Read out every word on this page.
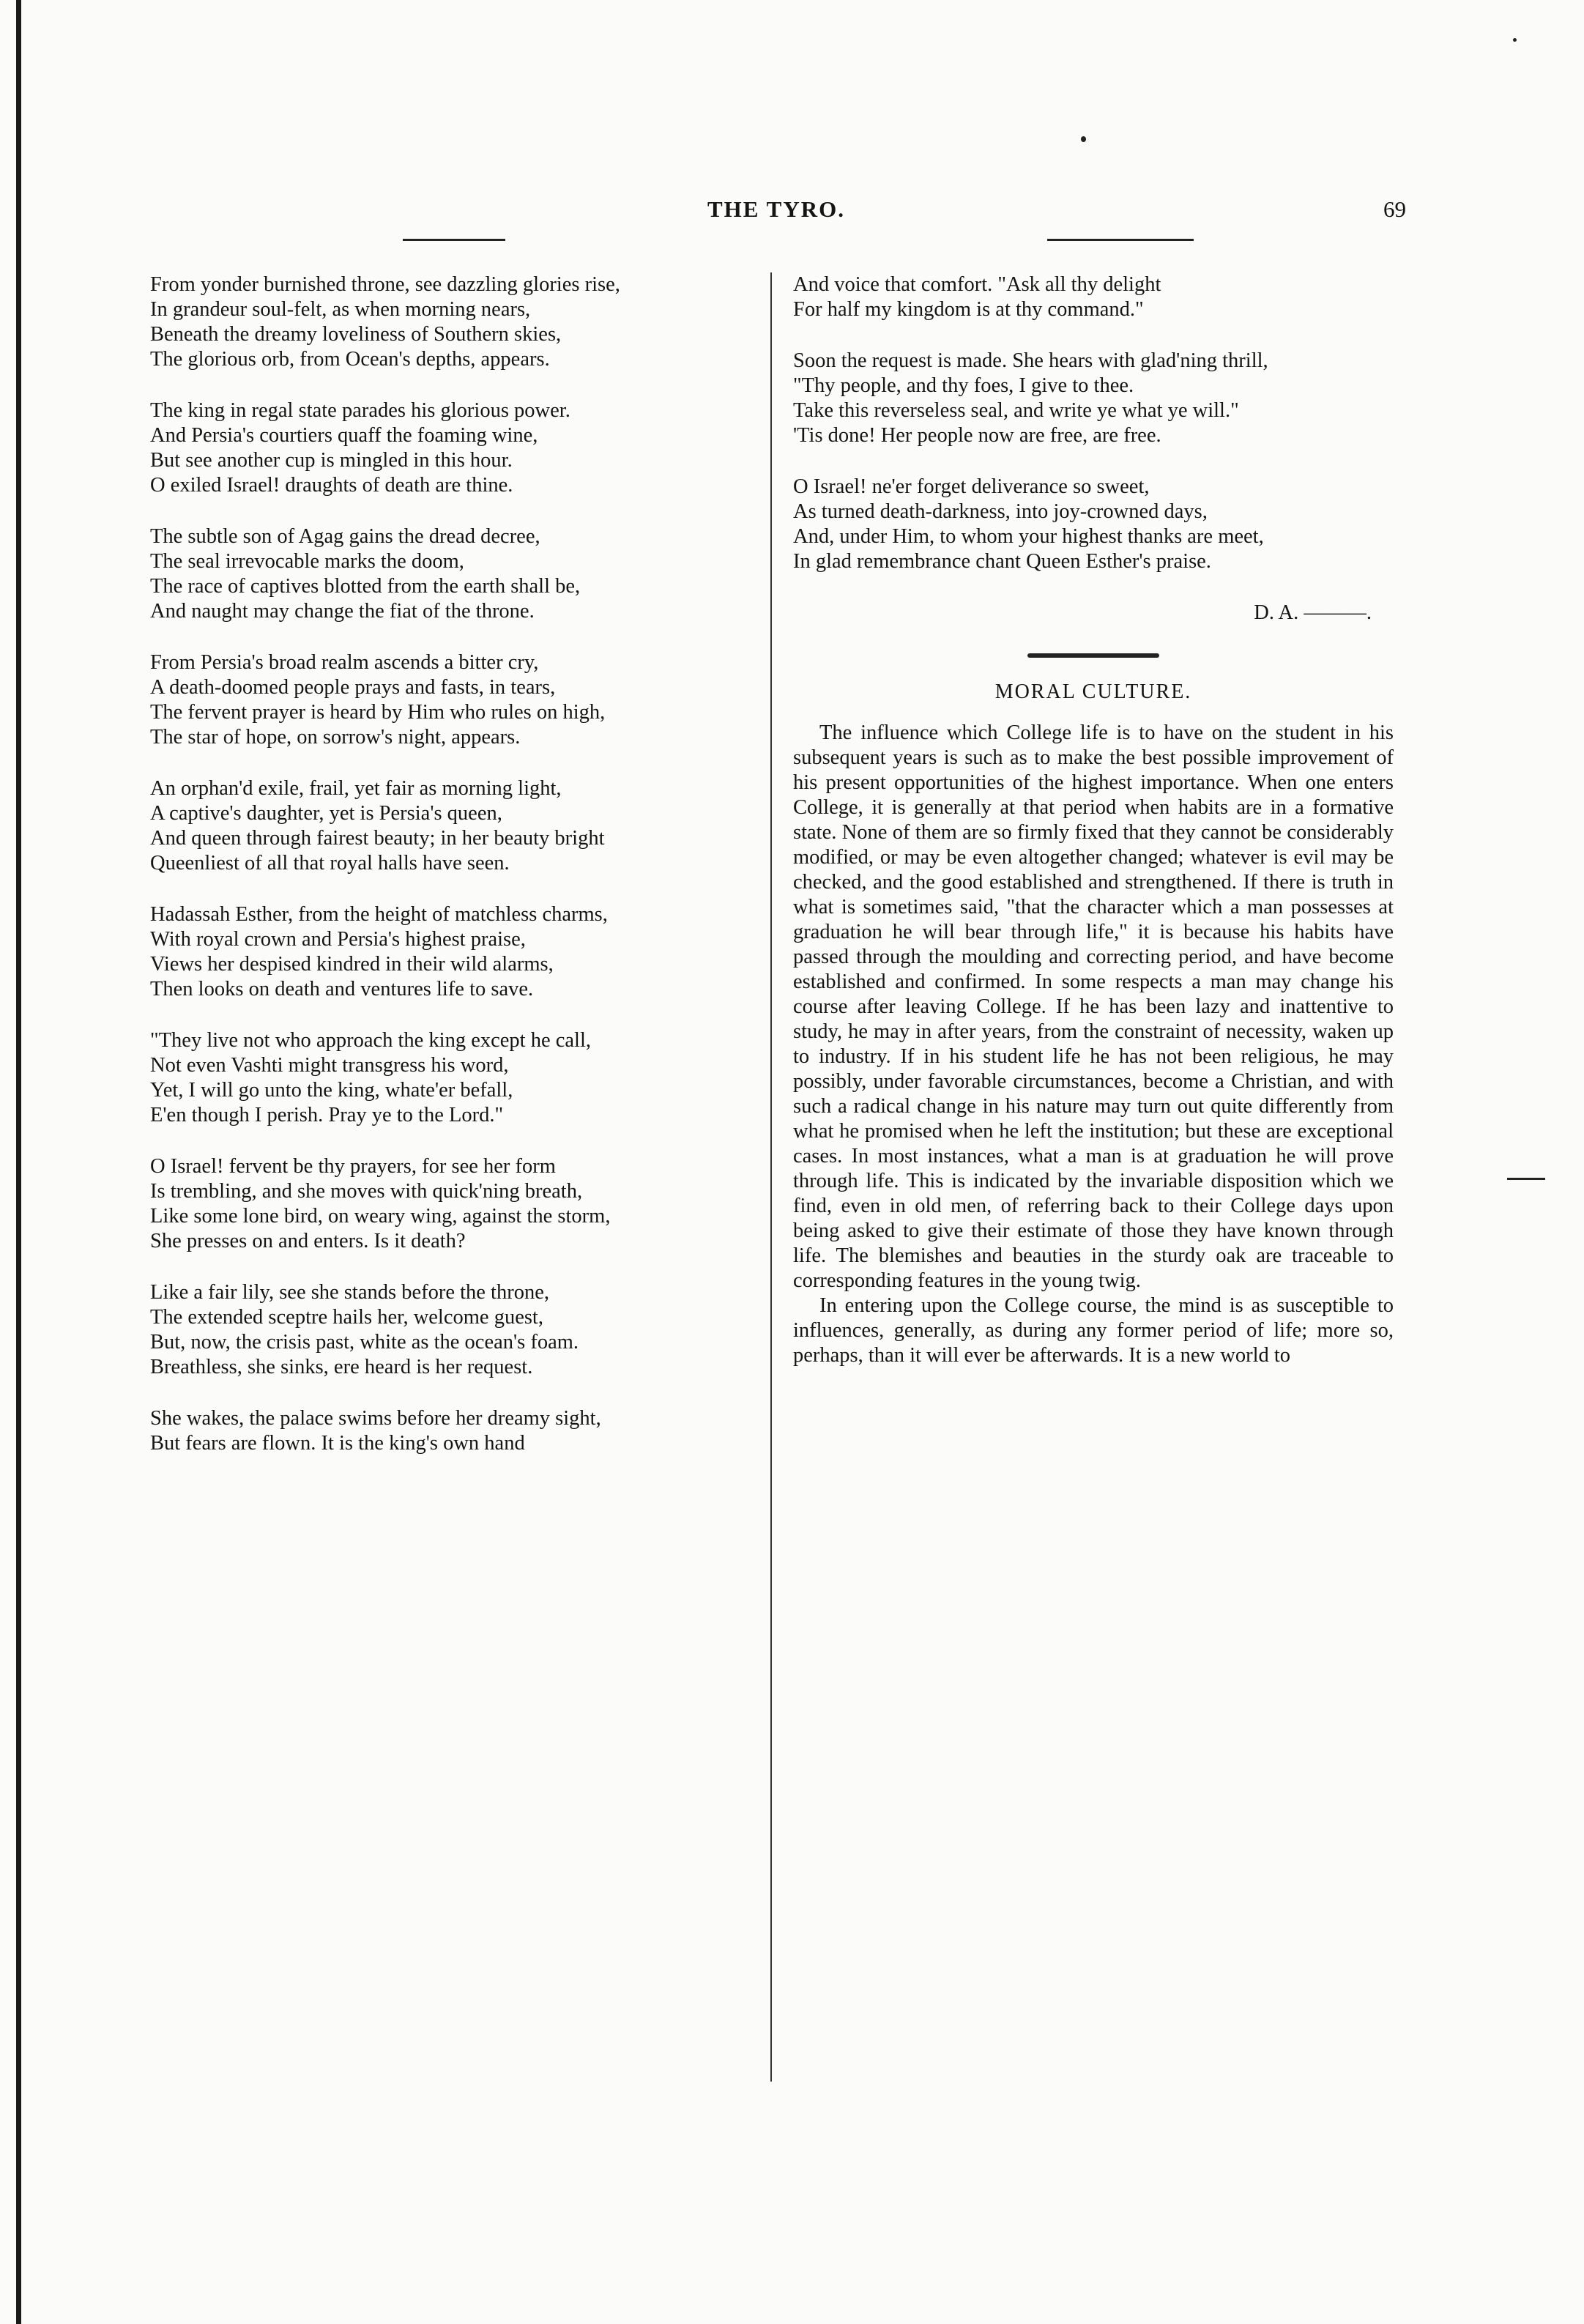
THE TYRO.	69
From yonder burnished throne, see dazzling glories rise,
In grandeur soul-felt, as when morning nears,
Beneath the dreamy loveliness of Southern skies,
The glorious orb, from Ocean's depths, appears.
The king in regal state parades his glorious power.
And Persia's courtiers quaff the foaming wine,
But see another cup is mingled in this hour.
O exiled Israel! draughts of death are thine.
The subtle son of Agag gains the dread decree,
The seal irrevocable marks the doom,
The race of captives blotted from the earth shall be,
And naught may change the fiat of the throne.
From Persia's broad realm ascends a bitter cry,
A death-doomed people prays and fasts, in tears,
The fervent prayer is heard by Him who rules on high,
The star of hope, on sorrow's night, appears.
An orphan'd exile, frail, yet fair as morning light,
A captive's daughter, yet is Persia's queen,
And queen through fairest beauty; in her beauty bright
Queenliest of all that royal halls have seen.
Hadassah Esther, from the height of matchless charms,
With royal crown and Persia's highest praise,
Views her despised kindred in their wild alarms,
Then looks on death and ventures life to save.
"They live not who approach the king except he call,
Not even Vashti might transgress his word,
Yet, I will go unto the king, whate'er befall,
E'en though I perish. Pray ye to the Lord."
O Israel! fervent be thy prayers, for see her form
Is trembling, and she moves with quick'ning breath,
Like some lone bird, on weary wing, against the storm,
She presses on and enters. Is it death?
Like a fair lily, see she stands before the throne,
The extended sceptre hails her, welcome guest,
But, now, the crisis past, white as the ocean's foam.
Breathless, she sinks, ere heard is her request.
She wakes, the palace swims before her dreamy sight,
But fears are flown. It is the king's own hand
And voice that comfort. "Ask all thy delight
For half my kingdom is at thy command."
Soon the request is made. She hears with glad'ning thrill,
"Thy people, and thy foes, I give to thee.
Take this reverseless seal, and write ye what ye will."
'Tis done! Her people now are free, are free.
O Israel! ne'er forget deliverance so sweet,
As turned death-darkness, into joy-crowned days,
And, under Him, to whom your highest thanks are meet,
In glad remembrance chant Queen Esther's praise.
D. A. ———.
MORAL CULTURE.
The influence which College life is to have on the student in his subsequent years is such as to make the best possible improvement of his present opportunities of the highest importance. When one enters College, it is generally at that period when habits are in a formative state. None of them are so firmly fixed that they cannot be considerably modified, or may be even altogether changed; whatever is evil may be checked, and the good established and strengthened. If there is truth in what is sometimes said, "that the character which a man possesses at graduation he will bear through life," it is because his habits have passed through the moulding and correcting period, and have become established and confirmed. In some respects a man may change his course after leaving College. If he has been lazy and inattentive to study, he may in after years, from the constraint of necessity, waken up to industry. If in his student life he has not been religious, he may possibly, under favorable circumstances, become a Christian, and with such a radical change in his nature may turn out quite differently from what he promised when he left the institution; but these are exceptional cases. In most instances, what a man is at graduation he will prove through life. This is indicated by the invariable disposition which we find, even in old men, of referring back to their College days upon being asked to give their estimate of those they have known through life. The blemishes and beauties in the sturdy oak are traceable to corresponding features in the young twig.
In entering upon the College course, the mind is as susceptible to influences, generally, as during any former period of life; more so, perhaps, than it will ever be afterwards. It is a new world to
